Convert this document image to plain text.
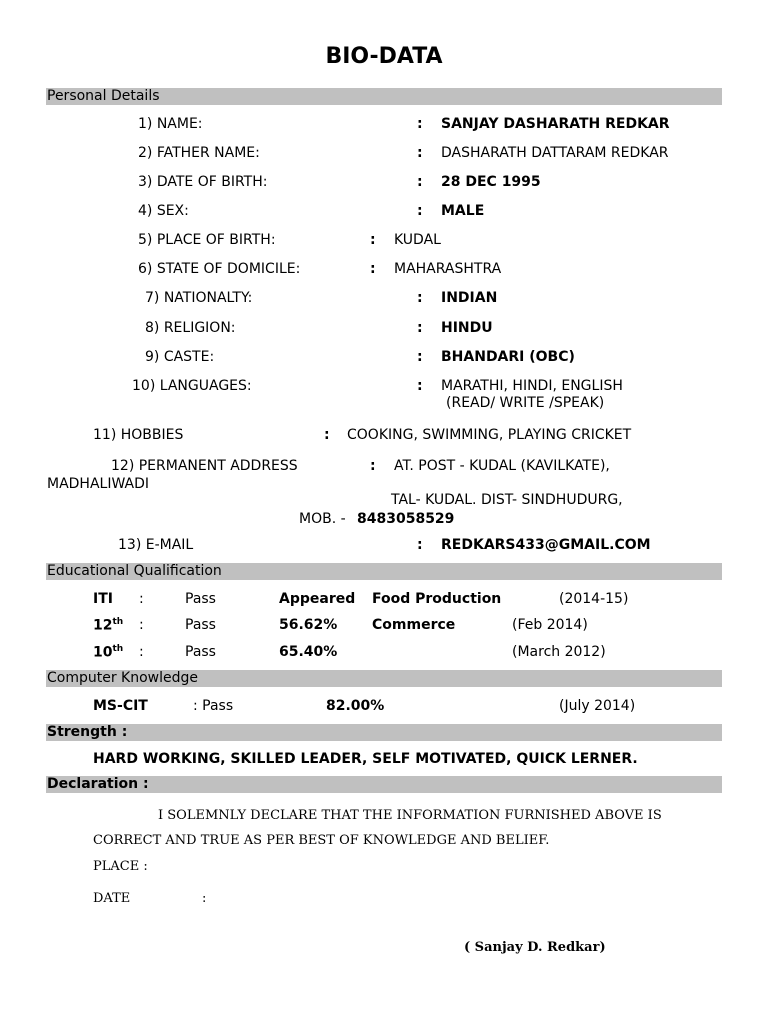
BIO-DATA
Personal Details
1) NAME:	: SANJAY DASHARATH REDKAR
2) FATHER NAME:	: DASHARATH DATTARAM REDKAR
3) DATE OF BIRTH:	: 28 DEC 1995
4) SEX:	: MALE
5) PLACE OF BIRTH:	: KUDAL
6) STATE OF DOMICILE:	: MAHARASHTRA
7) NATIONALTY:	: INDIAN
8) RELIGION:	: HINDU
9) CASTE:	: BHANDARI (OBC)
10) LANGUAGES:	: MARATHI, HINDI, ENGLISH
(READ/ WRITE /SPEAK)
11) HOBBIES	: COOKING, SWIMMING, PLAYING CRICKET
12) PERMANENT ADDRESS	: AT. POST - KUDAL (KAVILKATE),
MADHALIWADI
TAL- KUDAL. DIST- SINDHUDURG,
MOB. - 8483058529
13) E-MAIL	: REDKARS433@GMAIL.COM
Educational Qualification
ITI :	Pass	Appeared Food Production	(2014-15)
12th :	Pass	56.62% Commerce	(Feb 2014)
10th :	Pass	65.40%	(March 2012)
Computer Knowledge
MS-CIT	: Pass	82.00%	(July 2014)
Strength :
HARD WORKING, SKILLED LEADER, SELF MOTIVATED, QUICK LERNER.
Declaration :
I SOLEMNLY DECLARE THAT THE INFORMATION FURNISHED ABOVE IS
CORRECT AND TRUE AS PER BEST OF KNOWLEDGE AND BELIEF.
PLACE :
DATE	:
( Sanjay D. Redkar)
